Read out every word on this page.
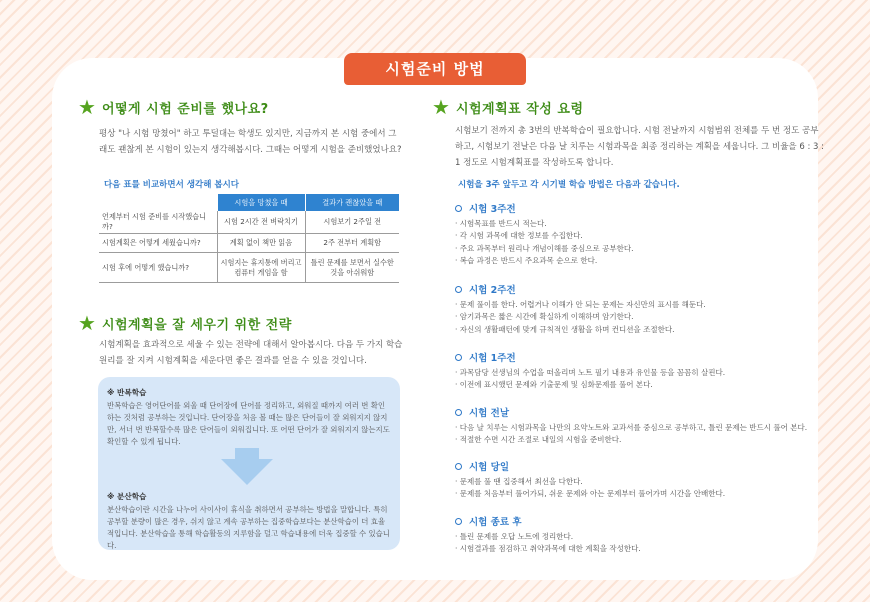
시험준비 방법
★ 어떻게 시험 준비를 했나요?

평상 "나 시험 망쳤어" 하고 투덜대는 학생도 있지만, 지금까지 본 시험 중에서 그래도 괜찮게 본 시험이 있는지 생각해봅시다. 그때는 어떻게 시험을 준비했었나요?

다음 표를 비교하면서 생각해 봅시다
	시험을 망쳤을 때	결과가 괜찮았을 때
언제부터 시험 준비를 시작했습니까?	시험 2시간 전 벼락치기	시험보기 2주일 전
시험계획은 어떻게 세웠습니까?	계획 없이 책만 읽음	2주 전부터 계획함
시험 후에 어떻게 했습니까?	시험지는 휴지통에 버리고 컴퓨터 게임을 함	틀린 문제를 보면서 실수한 것을 아쉬워함
★ 시험계획을 잘 세우기 위한 전략

시험계획을 효과적으로 세울 수 있는 전략에 대해서 알아봅시다. 다음 두 가지 학습 원리를 잘 지켜 시험계획을 세운다면 좋은 결과를 얻을 수 있을 것입니다.

※ 반복학습
반복학습은 영어단어를 외울 때 단어장에 단어를 정리하고, 외워질 때까지 여러 번 확인하는 것처럼 공부하는 것입니다. 단어장을 처음 볼 때는 많은 단어들이 잘 외워지지 않지만, 서너 번 반복할수록 많은 단어들이 외워집니다. 또 어떤 단어가 잘 외워지지 않는지도 확인할 수 있게 됩니다.
※ 분산학습
분산학습이란 시간을 나누어 사이사이 휴식을 취하면서 공부하는 방법을 말합니다. 특히 공부할 분량이 많은 경우, 쉬지 않고 계속 공부하는 집중학습보다는 분산학습이 더 효율적입니다. 분산학습을 통해 학습활동의 지루함을 덜고 학습내용에 더욱 집중할 수 있습니다.
★ 시험계획표 작성 요령

시험보기 전까지 총 3번의 반복학습이 필요합니다. 시험 전날까지 시험범위 전체를 두 번 정도 공부하고, 시험보기 전날은 다음 날 치루는 시험과목을 최종 정리하는 계획을 세웁니다. 그 비율을 6 : 3 : 1 정도로 시험계획표를 작성하도록 합니다.

시험을 3주 앞두고 각 시기별 학습 방법은 다음과 같습니다.
시험 3주전
· 시험목표를 반드시 적는다.
· 각 시험 과목에 대한 정보를 수집한다.
· 주요 과목부터 원리나 개념이해를 중심으로 공부한다.
· 복습 과정은 반드시 주요과목 순으로 한다.
시험 2주전
· 문제 풀이를 한다. 어렵거나 이해가 안 되는 문제는 자신만의 표시를 해둔다.
· 암기과목은 짧은 시간에 확실하게 이해하며 암기한다.
· 자신의 생활패턴에 맞게 규칙적인 생활을 하며 컨디션을 조절한다.
시험 1주전
· 과목담당 선생님의 수업을 떠올리며 노트 필기 내용과 유인물 등을 꼼꼼히 살핀다.
· 이전에 표시했던 문제와 기출문제 및 심화문제를 풀어 본다.
시험 전날
· 다음 날 치루는 시험과목을 나만의 요약노트와 교과서를 중심으로 공부하고, 틀린 문제는 반드시 풀어 본다.
· 적절한 수면 시간 조절로 내일의 시험을 준비한다.
시험 당일
· 문제를 풀 땐 집중해서 최선을 다한다.
· 문제를 처음부터 풀어가되, 쉬운 문제와 아는 문제부터 풀어가며 시간을 안배한다.
시험 종료 후
· 틀린 문제를 오답 노트에 정리한다.
· 시험결과를 점검하고 취약과목에 대한 계획을 작성한다.
